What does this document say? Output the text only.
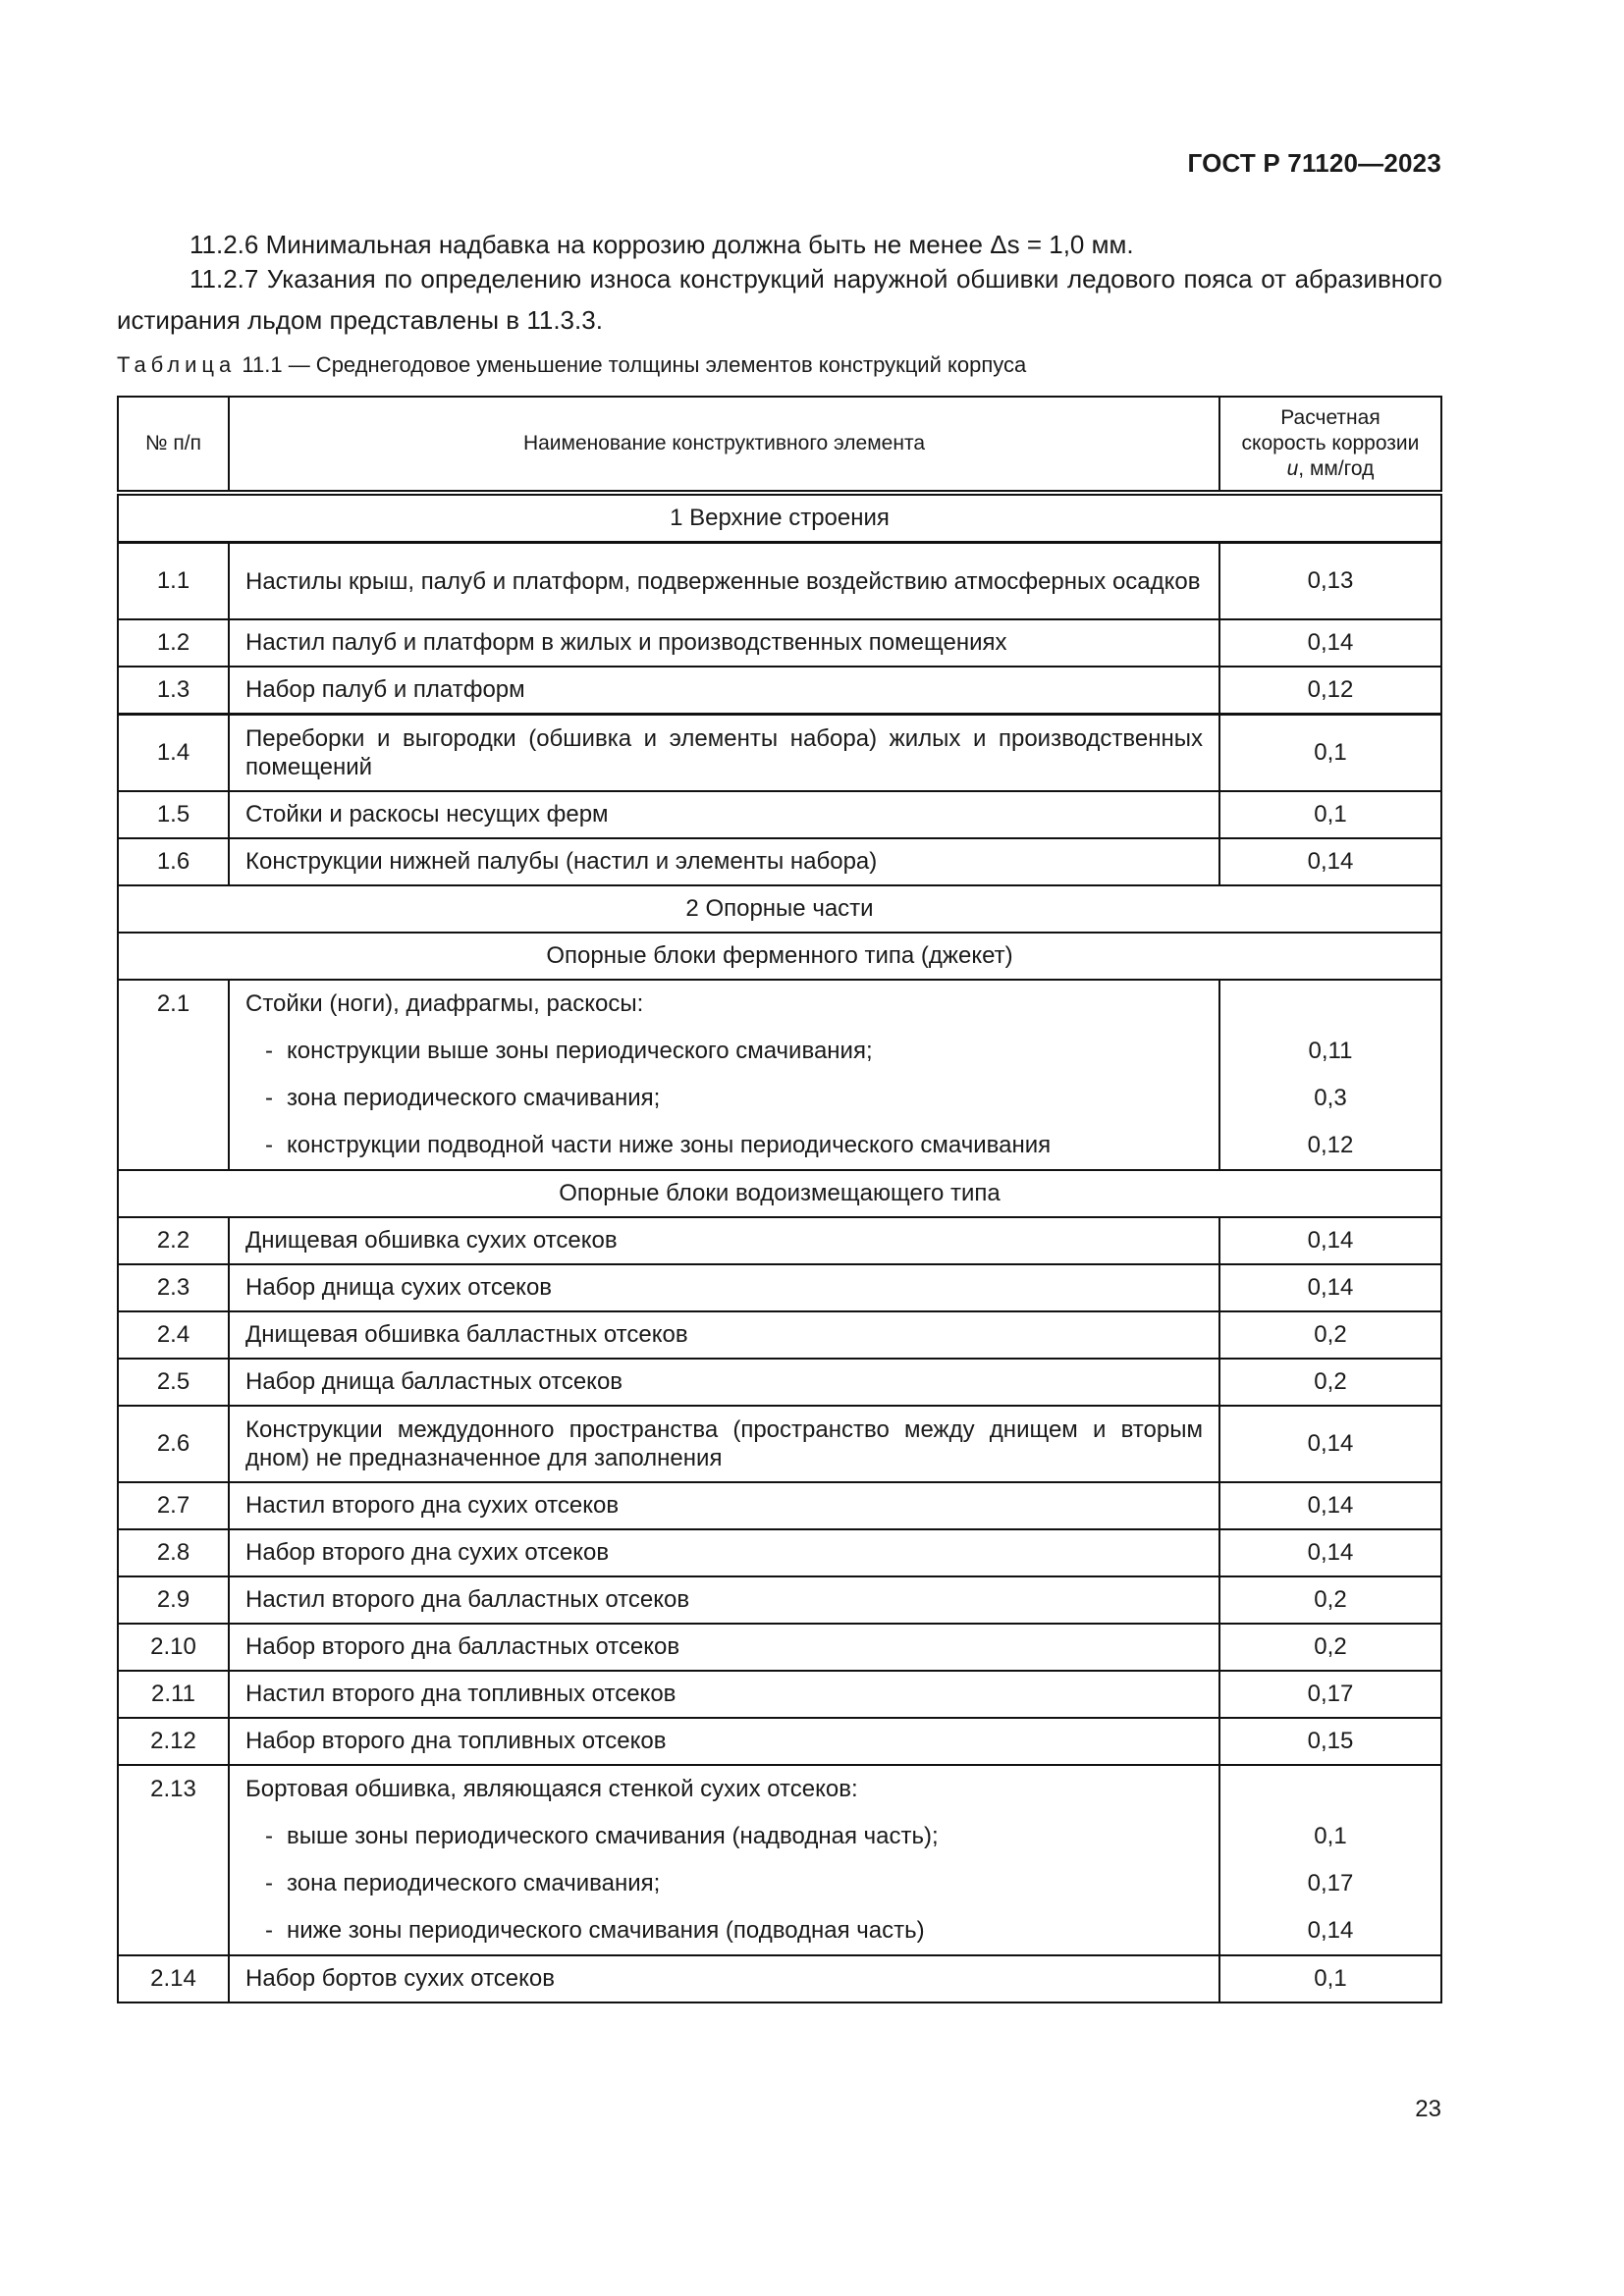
ГОСТ Р 71120—2023

11.2.6 Минимальная надбавка на коррозию должна быть не менее Δs = 1,0 мм.

11.2.7 Указания по определению износа конструкций наружной обшивки ледового пояса от абразивного истирания льдом представлены в 11.3.3.

Таблица 11.1 — Среднегодовое уменьшение толщины элементов конструкций корпуса
№ п/п	Наименование конструктивного элемента	Расчетная
скорость коррозии
u, мм/год

1 Верхние строения		
1.1	Настилы крыш, палуб и платформ, подверженные воздействию атмосферных осадков	0,13
1.2	Настил палуб и платформ в жилых и производственных помещениях	0,14
1.3	Набор палуб и платформ	0,12
1.4	Переборки и выгородки (обшивка и элементы набора) жилых и производственных помещений	0,1
1.5	Стойки и раскосы несущих ферм	0,1
1.6	Конструкции нижней палубы (настил и элементы набора)	0,14
2 Опорные части		
Опорные блоки ферменного типа (джекет)		
2.1	Стойки (ноги), диафрагмы, раскосы:	
	- конструкции выше зоны периодического смачивания;	0,11
	- зона периодического смачивания;	0,3
	- конструкции подводной части ниже зоны периодического смачивания	0,12
Опорные блоки водоизмещающего типа		
2.2	Днищевая обшивка сухих отсеков	0,14
2.3	Набор днища сухих отсеков	0,14
2.4	Днищевая обшивка балластных отсеков	0,2
2.5	Набор днища балластных отсеков	0,2
2.6	Конструкции междудонного пространства (пространство между днищем и вторым дном) не предназначенное для заполнения	0,14
2.7	Настил второго дна сухих отсеков	0,14
2.8	Набор второго дна сухих отсеков	0,14
2.9	Настил второго дна балластных отсеков	0,2
2.10	Набор второго дна балластных отсеков	0,2
2.11	Настил второго дна топливных отсеков	0,17
2.12	Набор второго дна топливных отсеков	0,15
2.13	Бортовая обшивка, являющаяся стенкой сухих отсеков:	
	- выше зоны периодического смачивания (надводная часть);	0,1
	- зона периодического смачивания;	0,17
	- ниже зоны периодического смачивания (подводная часть)	0,14
2.14	Набор бортов сухих отсеков	0,1
23
